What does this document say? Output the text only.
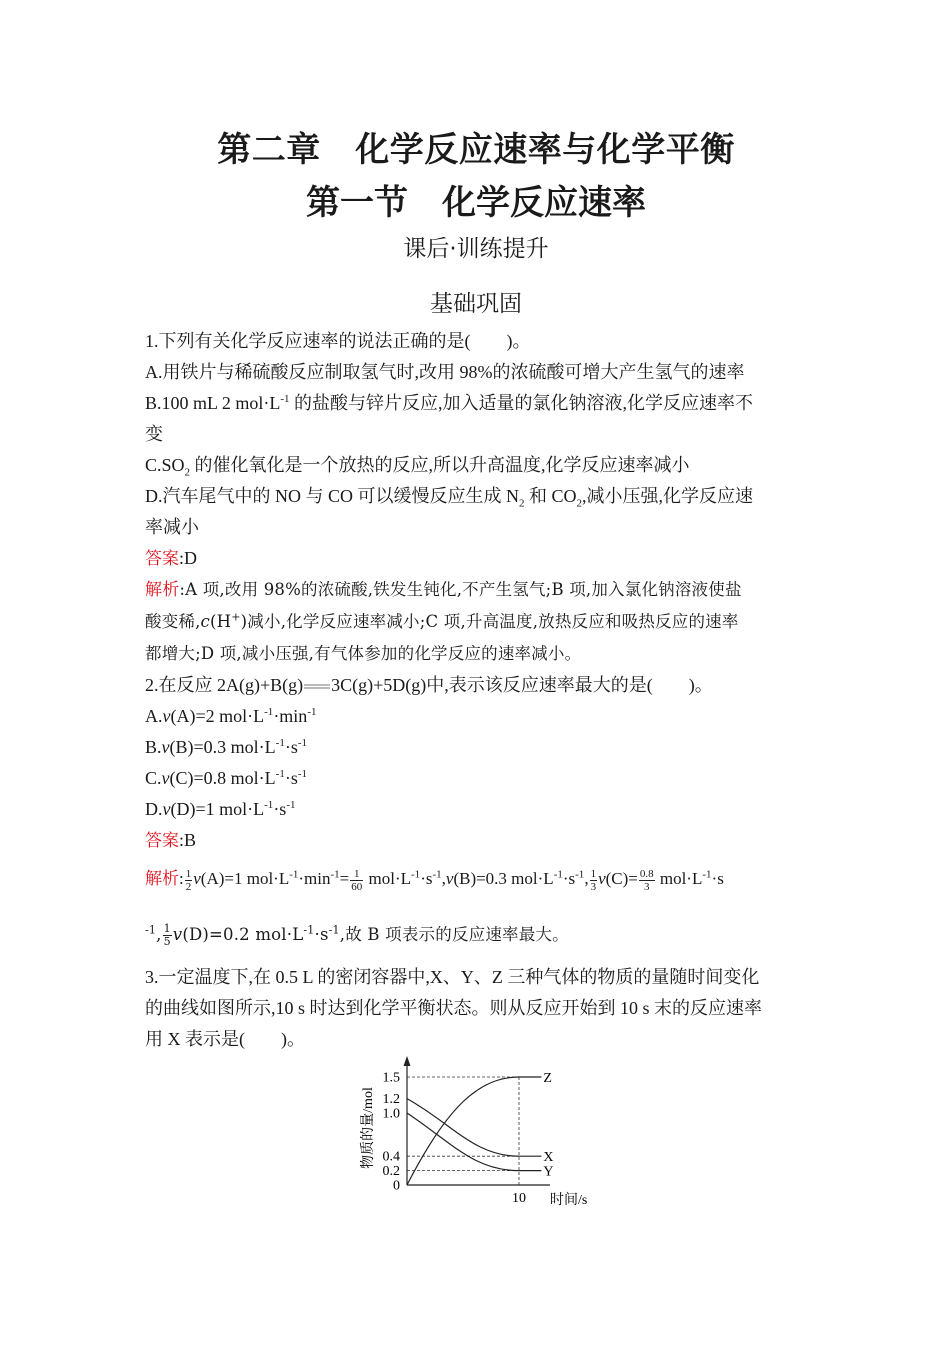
第二章　化学反应速率与化学平衡
第一节　化学反应速率
课后·训练提升
基础巩固
1.下列有关化学反应速率的说法正确的是(　　)。
A.用铁片与稀硫酸反应制取氢气时,改用 98%的浓硫酸可增大产生氢气的速率
B.100 mL 2 $mol\cdot L^{-1}$ 的盐酸与锌片反应,加入适量的氯化钠溶液,化学反应速率不
变
$C.SO_2$ 的催化氧化是一个放热的反应,所以升高温度,化学反应速率减小
D.汽车尾气中的 NO 与 CO 可以缓慢反应生成 $N_2$ 和 $CO_2$,减小压强,化学反应速
率减小
答案:D
解析:A 项,改用 98%的浓硫酸,铁发生钝化,不产生氢气;B 项,加入氯化钠溶液使盐
酸变稀,c(H+)减小,化学反应速率减小;C 项,升高温度,放热反应和吸热反应的速率
都增大;D 项,减小压强,有气体参加的化学反应的速率减小。
2.在反应 2A(g)+B(g) 3C(g)+5D(g)中,表示该反应速率最大的是(　　)。
A.v(A)=2 $mol\cdot L^{-1}\cdot\min^{-1}$
B.v(B)=0.3 $mol\cdot L^{-1}\cdot s^{-1}$
C.v(C)=0.8 $mol\cdot L^{-1}\cdot s^{-1}$
D.v(D)=1 $mol\cdot L^{-1}\cdot s^{-1}$
答案:B
解析: $\frac{1}{2} v(A)=1$ $mol\cdot L^{-1}\cdot\min^{-1}= \frac{1}{60} mol\cdot L^{-1}\cdot s^{-1},v(B)=0.3$ $mol\cdot L^{-1}\cdot s^{-1}$, $\frac{1}{3} v(C)= \frac{0.8}{3} mol\cdot L^{-1}\cdot s$
$^{-1}$, $\frac{1}{5} v(D)=0.2$ $mol\cdot L^{-1}\cdot s^{-1}$,故 B 项表示的反应速率最大。
3.一定温度下,在 0.5 L 的密闭容器中,X、Y、Z 三种气体的物质的量随时间变化
的曲线如图所示,10 s 时达到化学平衡状态。则从反应开始到 10 s 末的反应速率
用 X 表示是(　　)。
物质的量/mol
时间/s
Z
X
Y
1.5
1.2
1.0
0.4
0.2
0
10
